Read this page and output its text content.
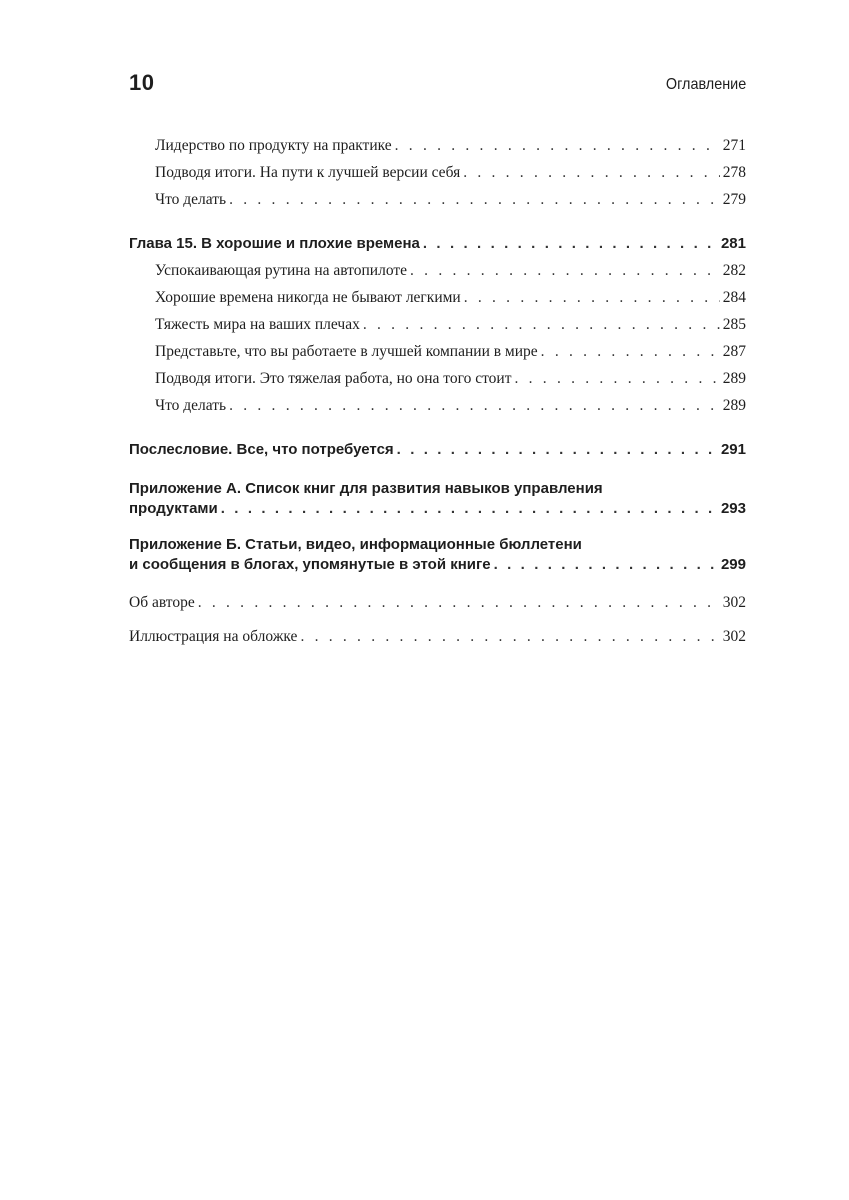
10	Оглавление
Лидерство по продукту на практике . . .	271
Подводя итоги. На пути к лучшей версии себя . . .	278
Что делать . . .	279
Глава 15. В хорошие и плохие времена . . .	281
Успокаивающая рутина на автопилоте . . .	282
Хорошие времена никогда не бывают легкими . . .	284
Тяжесть мира на ваших плечах . . .	285
Представьте, что вы работаете в лучшей компании в мире . . .	287
Подводя итоги. Это тяжелая работа, но она того стоит . . .	289
Что делать . . .	289
Послесловие. Все, что потребуется . . .	291
Приложение А. Список книг для развития навыков управления
продуктами . . .	293
Приложение Б. Статьи, видео, информационные бюллетени
и сообщения в блогах, упомянутые в этой книге . . .	299
Об авторе . . .	302
Иллюстрация на обложке . . .	302
